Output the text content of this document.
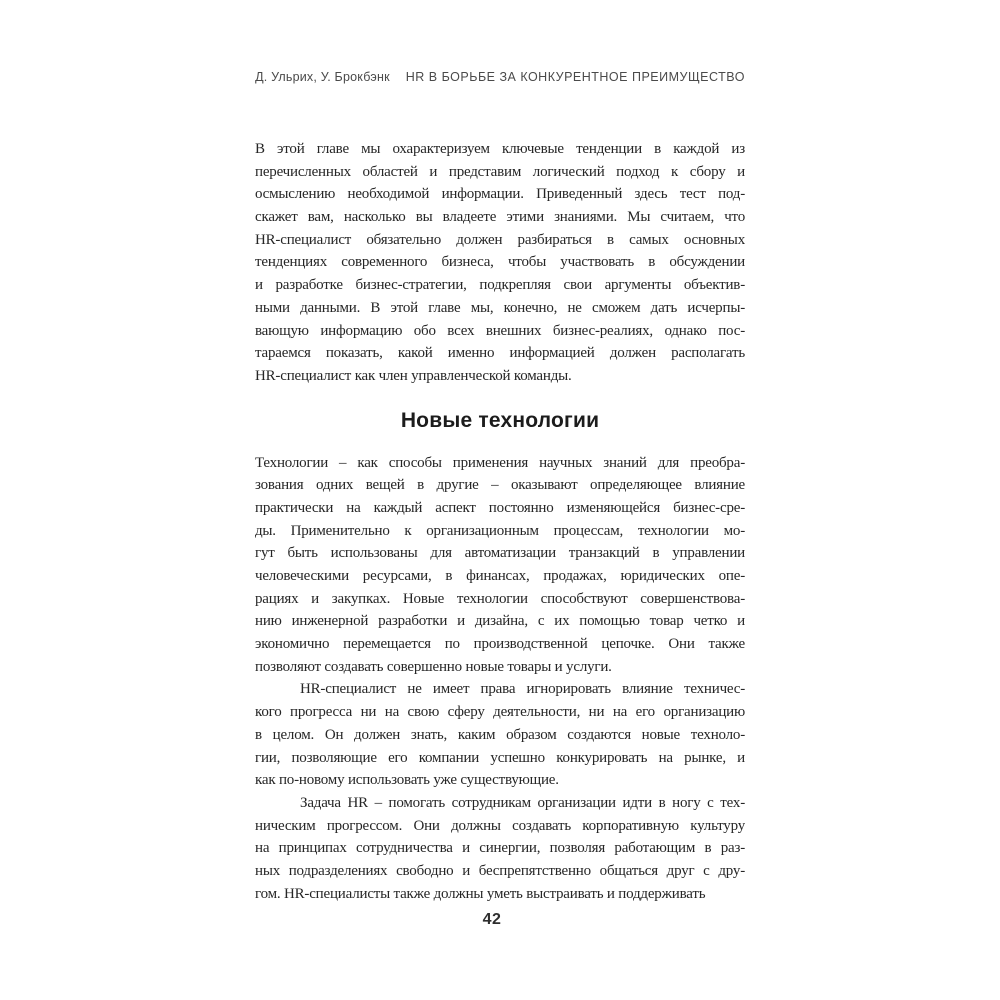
Д. Ульрих, У. Брокбэнк HR В БОРЬБЕ ЗА КОНКУРЕНТНОЕ ПРЕИМУЩЕСТВО
В этой главе мы охарактеризуем ключевые тенденции в каждой из
перечисленных областей и представим логический подход к сбору и
осмыслению необходимой информации. Приведенный здесь тест под-
скажет вам, насколько вы владеете этими знаниями. Мы считаем, что
HR-специалист обязательно должен разбираться в самых основных
тенденциях современного бизнеса, чтобы участвовать в обсуждении
и разработке бизнес-стратегии, подкрепляя свои аргументы объектив-
ными данными. В этой главе мы, конечно, не сможем дать исчерпы-
вающую информацию обо всех внешних бизнес-реалиях, однако пос-
тараемся показать, какой именно информацией должен располагать
HR-специалист как член управленческой команды.
Новые технологии
Технологии – как способы применения научных знаний для преобра-
зования одних вещей в другие – оказывают определяющее влияние
практически на каждый аспект постоянно изменяющейся бизнес-сре-
ды. Применительно к организационным процессам, технологии мо-
гут быть использованы для автоматизации транзакций в управлении
человеческими ресурсами, в финансах, продажах, юридических опе-
рациях и закупках. Новые технологии способствуют совершенствова-
нию инженерной разработки и дизайна, с их помощью товар четко и
экономично перемещается по производственной цепочке. Они также
позволяют создавать совершенно новые товары и услуги.
HR-специалист не имеет права игнорировать влияние техничес-
кого прогресса ни на свою сферу деятельности, ни на его организацию
в целом. Он должен знать, каким образом создаются новые техноло-
гии, позволяющие его компании успешно конкурировать на рынке, и
как по-новому использовать уже существующие.
Задача HR – помогать сотрудникам организации идти в ногу с тех-
ническим прогрессом. Они должны создавать корпоративную культуру
на принципах сотрудничества и синергии, позволяя работающим в раз-
ных подразделениях свободно и беспрепятственно общаться друг с дру-
гом. HR-специалисты также должны уметь выстраивать и поддерживать
42
